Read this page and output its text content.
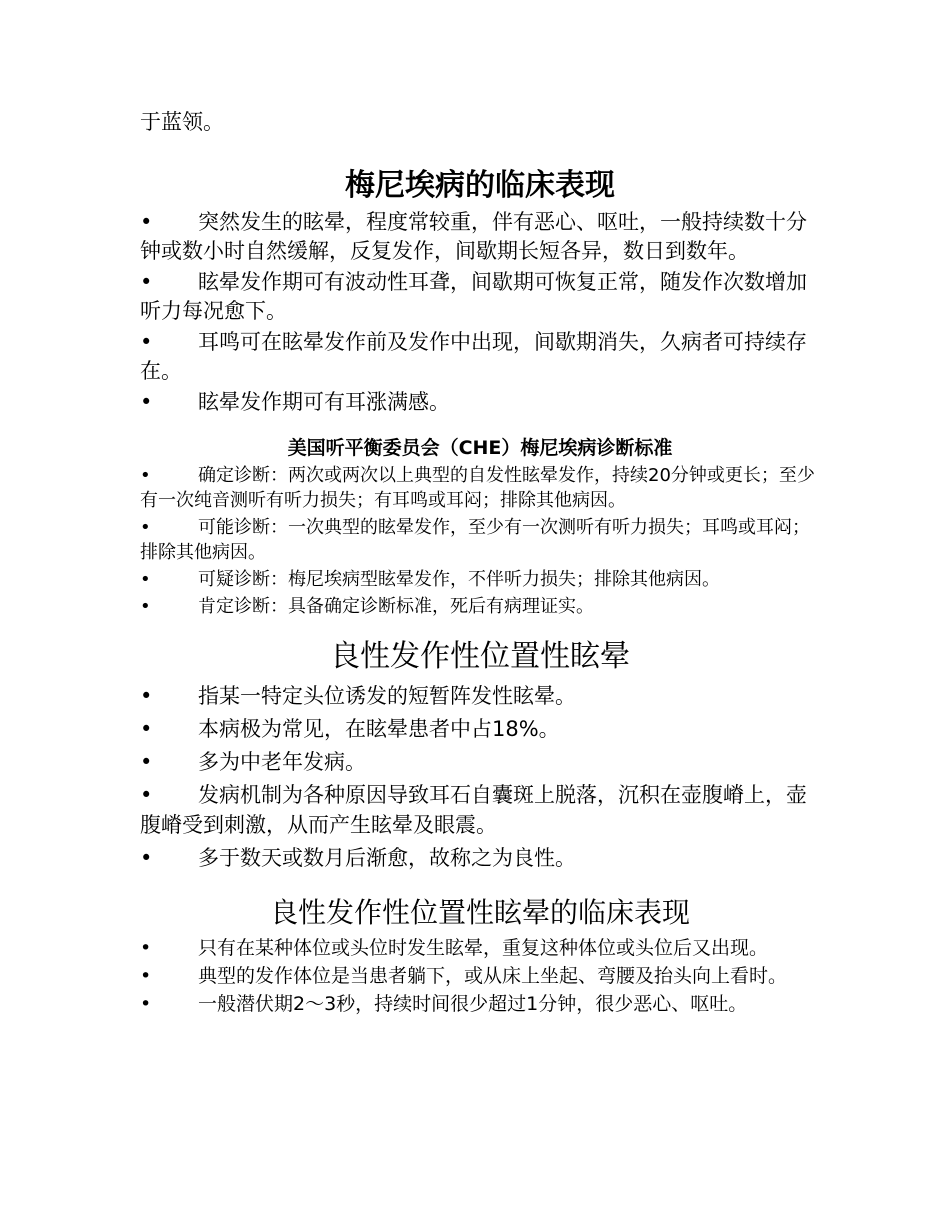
于蓝领。
梅尼埃病的临床表现
• 突然发生的眩晕，程度常较重，伴有恶心、呕吐，一般持续数十分钟或数小时自然缓解，反复发作，间歇期长短各异，数日到数年。
• 眩晕发作期可有波动性耳聋，间歇期可恢复正常，随发作次数增加听力每况愈下。
• 耳鸣可在眩晕发作前及发作中出现，间歇期消失，久病者可持续存在。
• 眩晕发作期可有耳涨满感。
美国听平衡委员会（CHE）梅尼埃病诊断标准
•	确定诊断：两次或两次以上典型的自发性眩晕发作，持续20分钟或更长；至少有一次纯音测听有听力损失；有耳鸣或耳闷；排除其他病因。
•	可能诊断：一次典型的眩晕发作，至少有一次测听有听力损失；耳鸣或耳闷；排除其他病因。
•	可疑诊断：梅尼埃病型眩晕发作，不伴听力损失；排除其他病因。
•	肯定诊断：具备确定诊断标准，死后有病理证实。
良性发作性位置性眩晕
• 指某一特定头位诱发的短暂阵发性眩晕。
• 本病极为常见，在眩晕患者中占18%。
• 多为中老年发病。
• 发病机制为各种原因导致耳石自囊斑上脱落，沉积在壶腹嵴上，壶腹嵴受到刺激，从而产生眩晕及眼震。
• 多于数天或数月后渐愈，故称之为良性。
良性发作性位置性眩晕的临床表现
• 只有在某种体位或头位时发生眩晕，重复这种体位或头位后又出现。
• 典型的发作体位是当患者躺下，或从床上坐起、弯腰及抬头向上看时。
• 一般潜伏期2～3秒，持续时间很少超过1分钟，很少恶心、呕吐。
